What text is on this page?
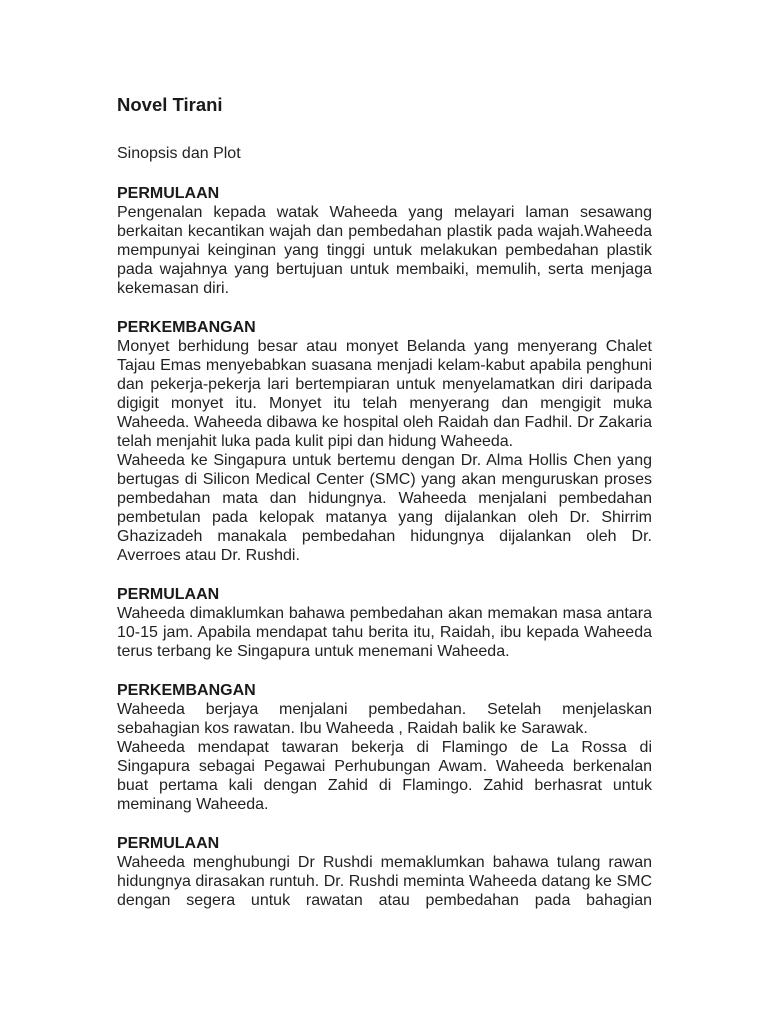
Novel Tirani
Sinopsis dan Plot
PERMULAAN

Pengenalan kepada watak Waheeda yang melayari laman sesawang berkaitan kecantikan wajah dan pembedahan plastik pada wajah.Waheeda mempunyai keinginan yang tinggi untuk melakukan pembedahan plastik pada wajahnya yang bertujuan untuk membaiki, memulih, serta menjaga kekemasan diri.

PERKEMBANGAN

Monyet berhidung besar atau monyet Belanda yang menyerang Chalet Tajau Emas menyebabkan suasana menjadi kelam-kabut apabila penghuni dan pekerja-pekerja lari bertempiaran untuk menyelamatkan diri daripada digigit monyet itu. Monyet itu telah menyerang dan mengigit muka Waheeda. Waheeda dibawa ke hospital oleh Raidah dan Fadhil. Dr Zakaria telah menjahit luka pada kulit pipi dan hidung Waheeda.

Waheeda ke Singapura untuk bertemu dengan Dr. Alma Hollis Chen yang bertugas di Silicon Medical Center (SMC) yang akan menguruskan proses pembedahan mata dan hidungnya. Waheeda menjalani pembedahan pembetulan pada kelopak matanya yang dijalankan oleh Dr. Shirrim Ghazizadeh manakala pembedahan hidungnya dijalankan oleh Dr. Averroes atau Dr. Rushdi.

PERMULAAN

Waheeda dimaklumkan bahawa pembedahan akan memakan masa antara 10-15 jam. Apabila mendapat tahu berita itu, Raidah, ibu kepada Waheeda terus terbang ke Singapura untuk menemani Waheeda.

PERKEMBANGAN

Waheeda berjaya menjalani pembedahan. Setelah menjelaskan sebahagian kos rawatan. Ibu Waheeda , Raidah balik ke Sarawak.

Waheeda mendapat tawaran bekerja di Flamingo de La Rossa di Singapura sebagai Pegawai Perhubungan Awam. Waheeda berkenalan buat pertama kali dengan Zahid di Flamingo. Zahid berhasrat untuk meminang Waheeda.

PERMULAAN

Waheeda menghubungi Dr Rushdi memaklumkan bahawa tulang rawan hidungnya dirasakan runtuh. Dr. Rushdi meminta Waheeda datang ke SMC dengan segera untuk rawatan atau pembedahan pada bahagian
